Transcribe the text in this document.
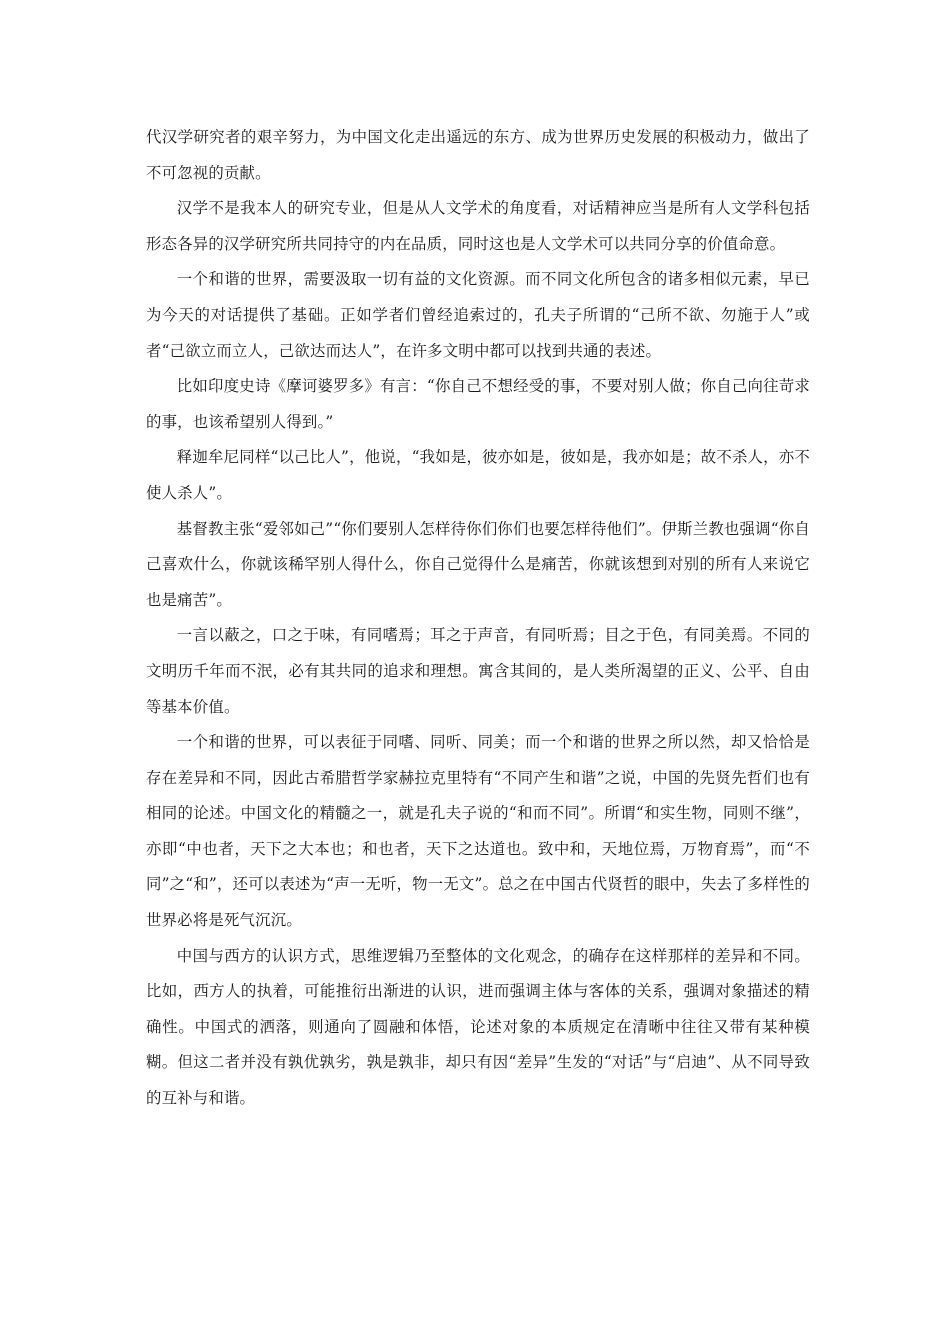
代汉学研究者的艰辛努力，为中国文化走出遥远的东方、成为世界历史发展的积极动力，做出了不可忽视的贡献。

汉学不是我本人的研究专业，但是从人文学术的角度看，对话精神应当是所有人文学科包括形态各异的汉学研究所共同持守的内在品质，同时这也是人文学术可以共同分享的价值命意。

一个和谐的世界，需要汲取一切有益的文化资源。而不同文化所包含的诸多相似元素，早已为今天的对话提供了基础。正如学者们曾经追索过的，孔夫子所谓的“己所不欲、勿施于人”或者“己欲立而立人，己欲达而达人”，在许多文明中都可以找到共通的表述。

比如印度史诗《摩诃婆罗多》有言：“你自己不想经受的事，不要对别人做；你自己向往苛求的事，也该希望别人得到。”

释迦牟尼同样“以己比人”，他说，“我如是，彼亦如是，彼如是，我亦如是；故不杀人，亦不使人杀人”。

基督教主张“爱邻如己”“你们要别人怎样待你们你们也要怎样待他们”。伊斯兰教也强调“你自己喜欢什么，你就该稀罕别人得什么，你自己觉得什么是痛苦，你就该想到对别的所有人来说它也是痛苦”。

一言以蔽之，口之于味，有同嗜焉；耳之于声音，有同听焉；目之于色，有同美焉。不同的文明历千年而不泯，必有其共同的追求和理想。寓含其间的，是人类所渴望的正义、公平、自由等基本价值。

一个和谐的世界，可以表征于同嗜、同听、同美；而一个和谐的世界之所以然，却又恰恰是存在差异和不同，因此古希腊哲学家赫拉克里特有“不同产生和谐”之说，中国的先贤先哲们也有相同的论述。中国文化的精髓之一，就是孔夫子说的“和而不同”。所谓“和实生物，同则不继”，亦即“中也者，天下之大本也；和也者，天下之达道也。致中和，天地位焉，万物育焉”，而“不同”之“和”，还可以表述为“声一无听，物一无文”。总之在中国古代贤哲的眼中，失去了多样性的世界必将是死气沉沉。

中国与西方的认识方式，思维逻辑乃至整体的文化观念，的确存在这样那样的差异和不同。比如，西方人的执着，可能推衍出渐进的认识，进而强调主体与客体的关系，强调对象描述的精确性。中国式的洒落，则通向了圆融和体悟，论述对象的本质规定在清晰中往往又带有某种模糊。但这二者并没有孰优孰劣，孰是孰非，却只有因“差异”生发的“对话”与“启迪”、从不同导致的互补与和谐。
